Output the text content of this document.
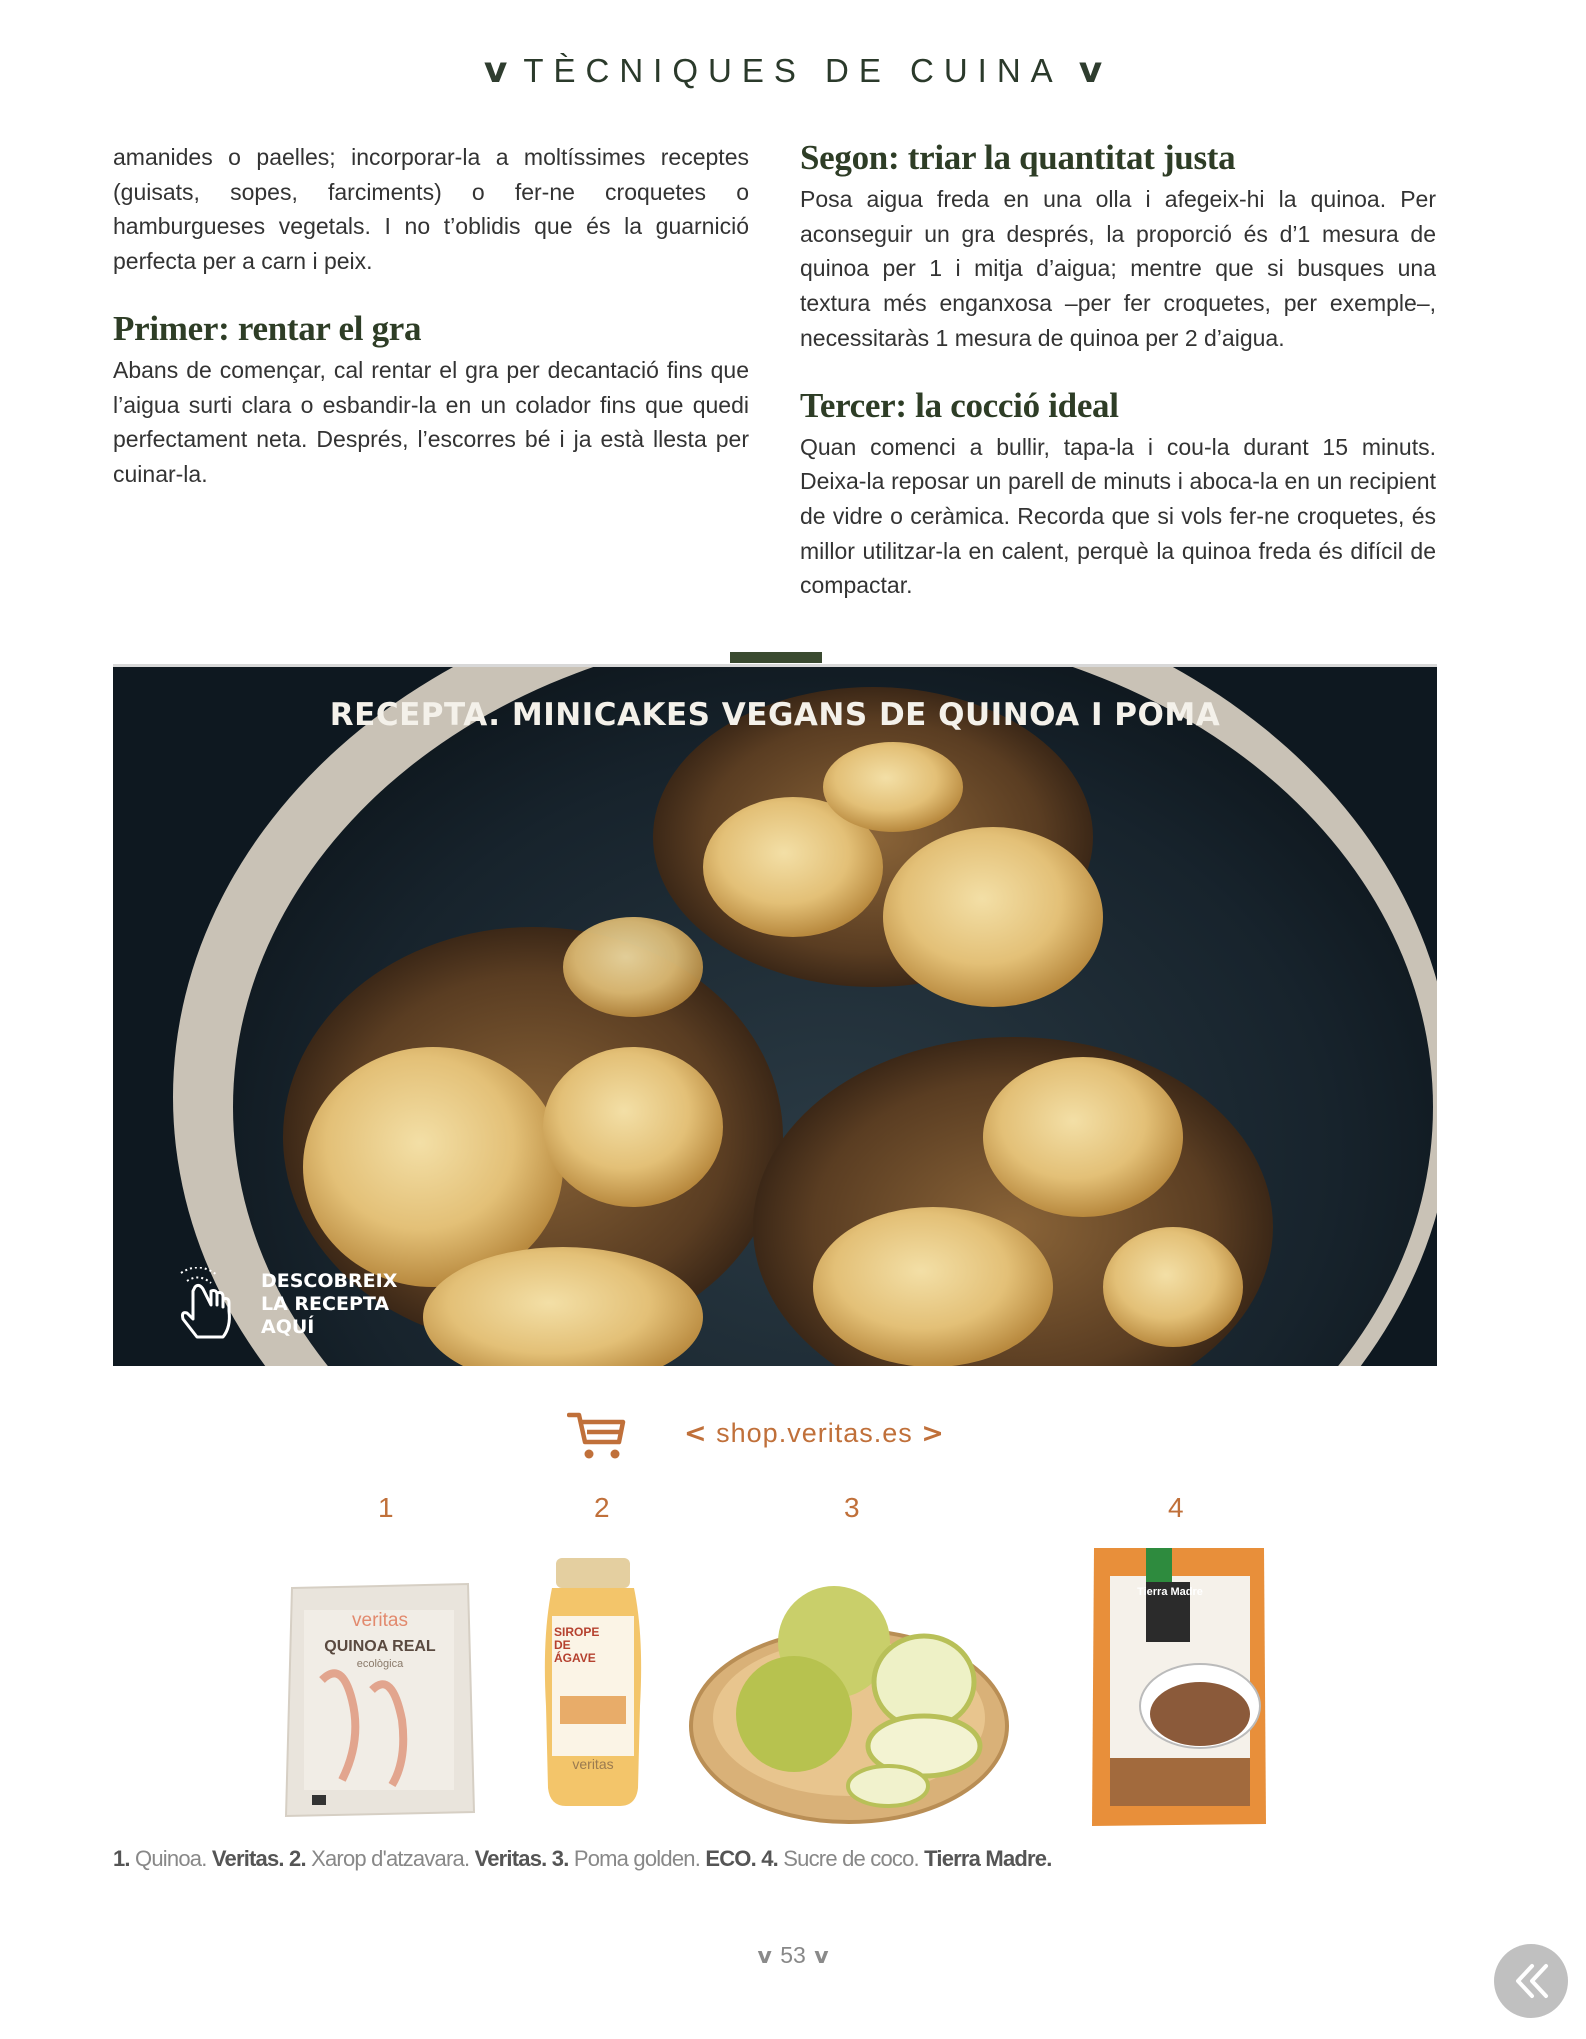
v TÈCNIQUES DE CUINA v

amanides o paelles; incorporar-la a moltíssimes receptes (guisats, sopes, farciments) o fer-ne croquetes o hamburgueses vegetals. I no t’oblidis que és la guarnició perfecta per a carn i peix.

Primer: rentar el gra

Abans de començar, cal rentar el gra per decantació fins que l’aigua surti clara o esbandir-la en un colador fins que quedi perfectament neta. Després, l’escorres bé i ja està llesta per cuinar-la.

Segon: triar la quantitat justa

Posa aigua freda en una olla i afegeix-hi la quinoa. Per aconseguir un gra després, la proporció és d’1 mesura de quinoa per 1 i mitja d’aigua; mentre que si busques una textura més enganxosa –per fer croquetes, per exemple–, necessitaràs 1 mesura de quinoa per 2 d’aigua.

Tercer: la cocció ideal

Quan comenci a bullir, tapa-la i cou-la durant 15 minuts. Deixa-la reposar un parell de minuts i aboca-la en un recipient de vidre o ceràmica. Recorda que si vols fer-ne croquetes, és millor utilitzar-la en calent, perquè la quinoa freda és difícil de compactar.

RECEPTA. MINICAKES VEGANS DE QUINOA I POMA
DESCOBREIX
LA RECEPTA
AQUÍ
< shop.veritas.es >
1	2	3	4
veritas
QUINOA REAL
ecològica
SIROPE DE ÁGAVE
veritas
Tierra Madre
1. Quinoa. Veritas. 2. Xarop d'atzavara. Veritas. 3. Poma golden. ECO. 4. Sucre de coco. Tierra Madre.
v 53 v
